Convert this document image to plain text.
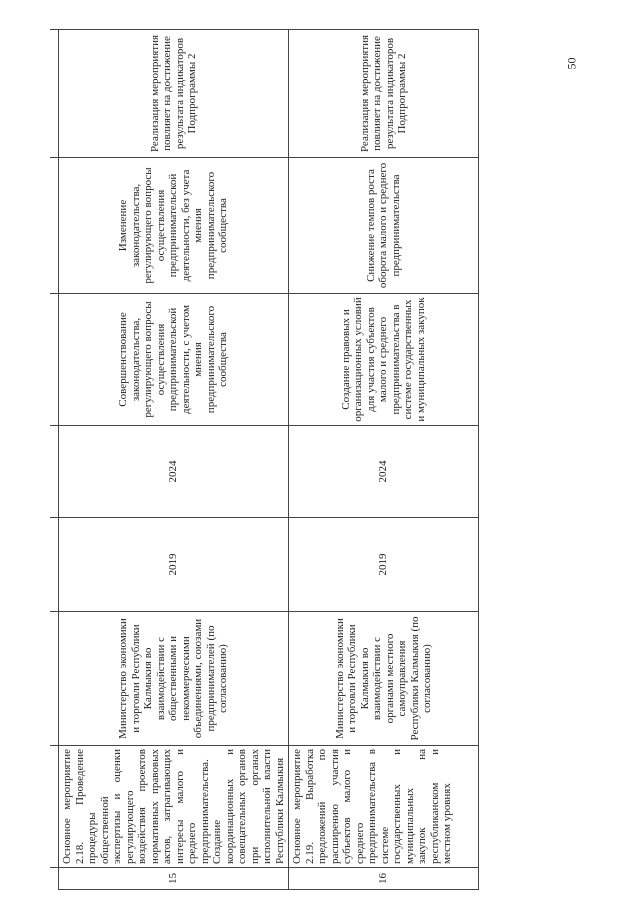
50

15	Основное мероприятие 2.18. Проведение процедуры общественной экспертизы и оценки регулирующего воздействия проектов нормативных правовых актов, затрагивающих интересы малого и среднего предпринимательства. Создание координационных и совещательных органов при органах исполнительной власти Республики Калмыкия	Министерство экономики и торговли Республики Калмыкия во взаимодействии с общественными и некоммерческими объединениями, союзами предпринимателей (по согласованию)	2019	2024	Совершенствование законодательства, регулирующего вопросы осуществления предпринимательской деятельности, с учетом мнения предпринимательского сообщества	Изменение законодательства, регулирующего вопросы осуществления предпринимательской деятельности, без учета мнения предпринимательского сообщества	Реализация мероприятия повлияет на достижение результата индикаторов Подпрограммы 2
16	Основное мероприятие 2.19. Выработка предложений по расширению участия субъектов малого и среднего предпринимательства в системе государственных и муниципальных закупок на республиканском и местном уровнях	Министерство экономики и торговли Республики Калмыкия во взаимодействии с органами местного самоуправления Республики Калмыкия (по согласованию)	2019	2024	Создание правовых и организационных условий для участия субъектов малого и среднего предпринимательства в системе государственных и муниципальных закупок	Снижение темпов роста оборота малого и среднего предпринимательства	Реализация мероприятия повлияет на достижение результата индикаторов Подпрограммы 2
